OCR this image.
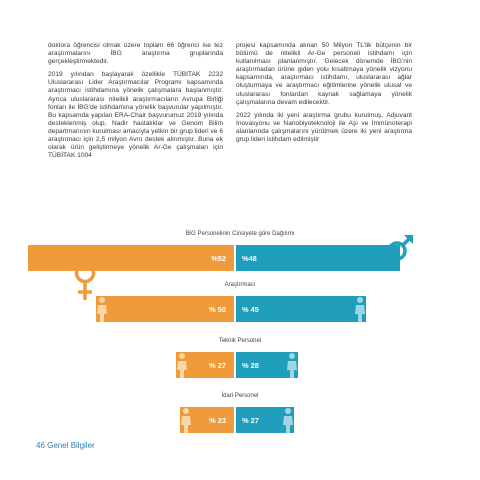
doktora öğrencisi olmak üzere toplam 66 öğrenci ise tez araştırmalarını İBG araştırma gruplarında gerçekleştirmektedir.

2019 yılından başlayarak özellikle TÜBİTAK 2232 Uluslararası Lider Araştırmacılar Programı kapsamında araştırmacı istihdamına yönelik çalışmalara başlanmıştır. Ayrıca uluslararası nitelikli araştırmacıların Avrupa Birliği fonları ile İBG'de istihdamına yönelik başvurular yapılmıştır. Bu kapsamda yapılan ERA-Chair başvurumuz 2019 yılında desteklenmiş olup, Nadir hastalıklar ve Genom Bilim departmanının kurulması amacıyla yetkin bir grup lideri ve 6 araştırmacı için 2,5 milyon Avro destek alınmıştır. Buna ek olarak ürün geliştirmeye yönelik Ar-Ge çalışmaları için TÜBİTAK 1004

projesi kapsamında alınan 50 Milyon TL'lik bütçenin bir bölümü de nitelikli Ar-Ge personeli istihdamı için kullanılması planlanmıştır. Gelecek dönemde İBG'nin araştırmadan ürüne giden yolu kısaltmaya yönelik vizyonu kapsamında, araştırmacı istihdamı, uluslararası ağlar oluşturmaya ve araştırmacı eğitimlerine yönelik ulusal ve uluslararası fonlardan kaynak sağlamaya yönelik çalışmalarına devam edilecektir.

2022 yılında iki yeni araştırma grubu kurulmuş, Adjuvant İnovasyonu ve Nanobiyoteknoloji ile Aşı ve İmmünoterapi alanlarında çalışmalarını yürütmek üzere iki yeni araştırma grup lideri istihdam edilmiştir

İBG Personelinin Cinsiyete göre Dağılımı
%52 %48
Araştırmacı
% 50 % 45
Teknik Personel
% 27 % 28
İdari Personel
% 23 % 27
46 Genel Bilgiler
